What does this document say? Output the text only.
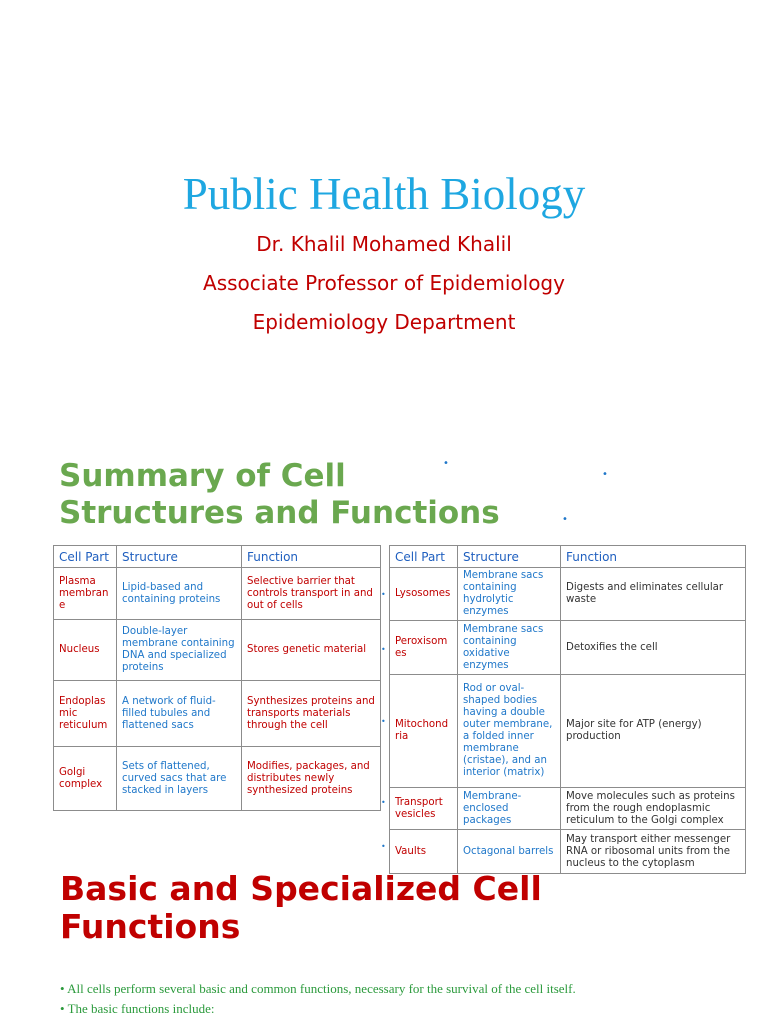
Public Health Biology
Dr. Khalil Mohamed Khalil
Associate Professor of Epidemiology
Epidemiology Department
Summary of Cell
Structures and Functions
•
•
•
Cell Part	Structure	Function
Plasma membran e	Lipid-based and containing proteins	Selective barrier that controls transport in and out of cells
Nucleus	Double-layer membrane containing DNA and specialized proteins	Stores genetic material
Endoplas mic reticulum	A network of fluid-filled tubules and flattened sacs	Synthesizes proteins and transports materials through the cell
Golgi complex	Sets of flattened, curved sacs that are stacked in layers	Modifies, packages, and distributes newly synthesized proteins
•
•
•
•
•
Cell Part	Structure	Function
Lysosomes	Membrane sacs containing hydrolytic enzymes	Digests and eliminates cellular waste
Peroxisom es	Membrane sacs containing oxidative enzymes	Detoxifies the cell
Mitochond ria	Rod or oval-shaped bodies having a double outer membrane, a folded inner membrane (cristae), and an interior (matrix)	Major site for ATP (energy) production
Transport vesicles	Membrane-enclosed packages	Move molecules such as proteins from the rough endoplasmic reticulum to the Golgi complex
Vaults	Octagonal barrels	May transport either messenger RNA or ribosomal units from the nucleus to the cytoplasm
Basic and Specialized Cell
Functions
• All cells perform several basic and common functions, necessary for the survival of the cell itself.
• The basic functions include:
